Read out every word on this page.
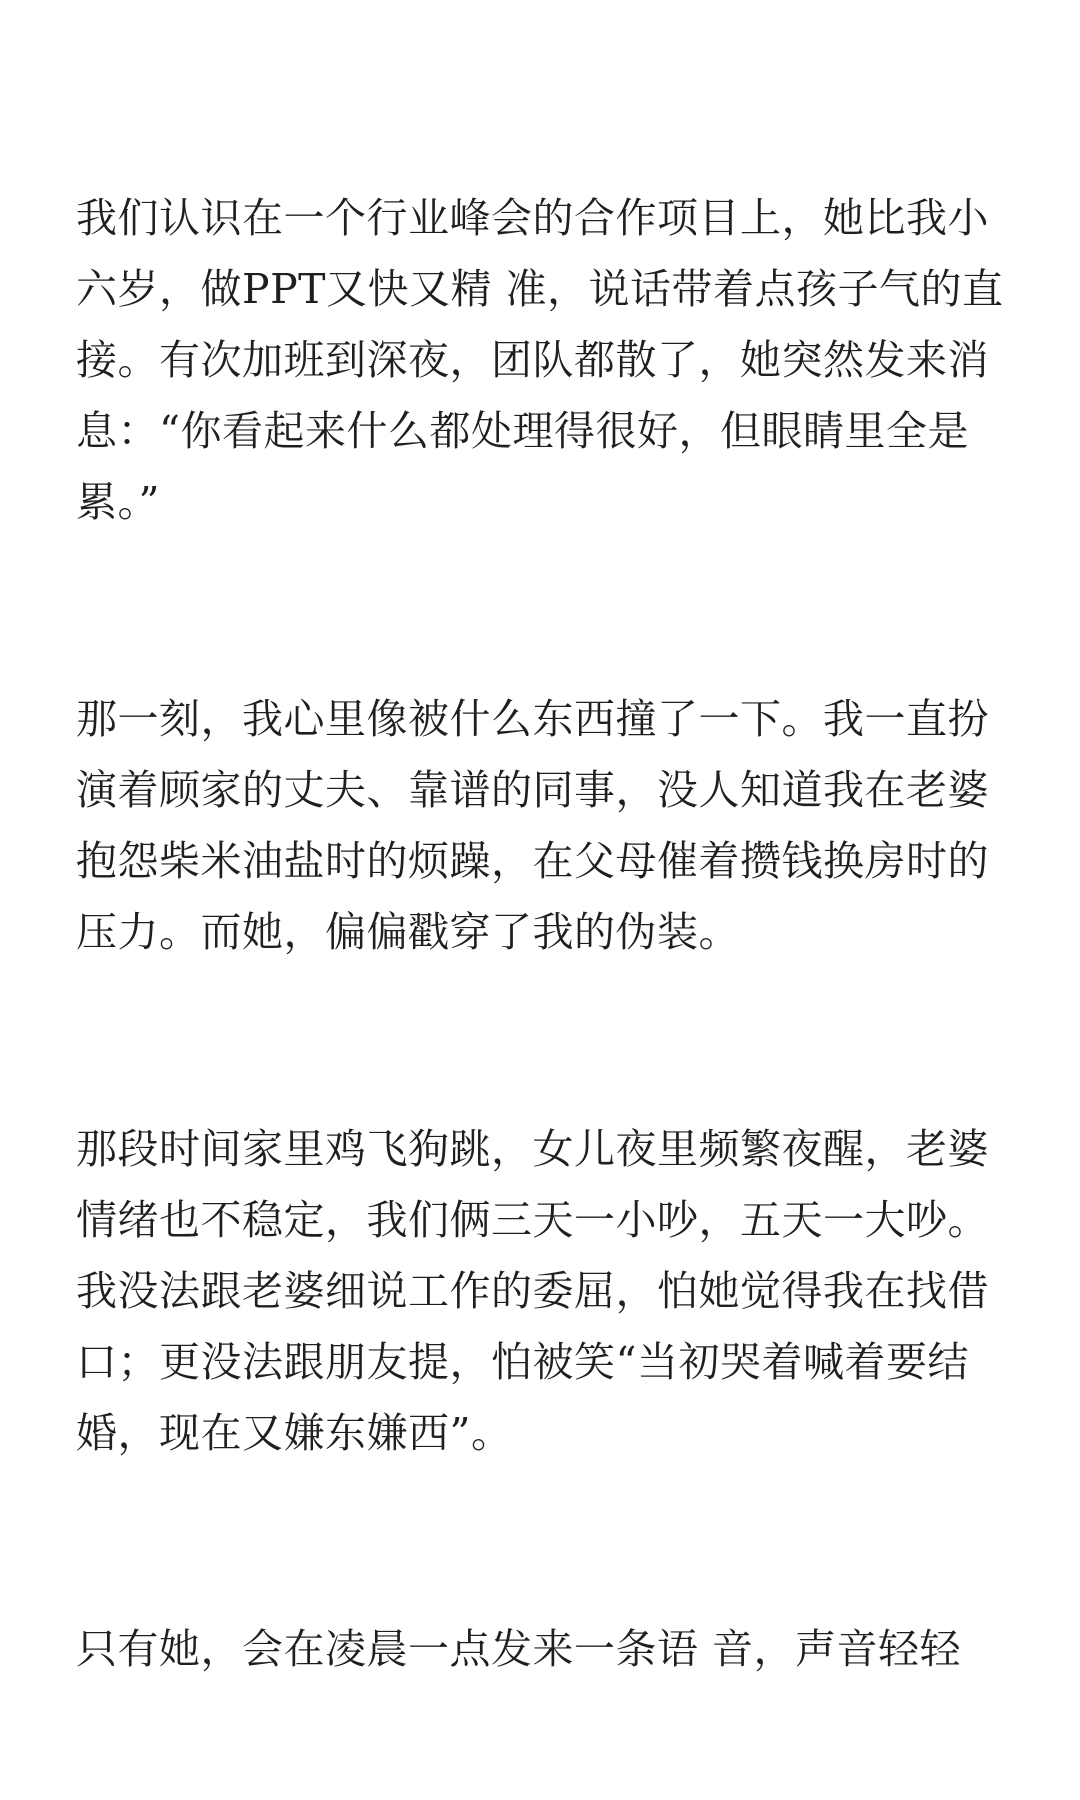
我们认识在一个行业峰会的合作项目上，她比我小
六岁，做PPT又快又精 准，说话带着点孩子气的直
接。有次加班到深夜，团队都散了，她突然发来消
息：“你看起来什么都处理得很好，但眼睛里全是
累。”

那一刻，我心里像被什么东西撞了一下。我一直扮
演着顾家的丈夫、靠谱的同事，没人知道我在老婆
抱怨柴米油盐时的烦躁，在父母催着攒钱换房时的
压力。而她，偏偏戳穿了我的伪装。

那段时间家里鸡飞狗跳，女儿夜里频繁夜醒，老婆
情绪也不稳定，我们俩三天一小吵，五天一大吵。
我没法跟老婆细说工作的委屈，怕她觉得我在找借
口；更没法跟朋友提，怕被笑“当初哭着喊着要结
婚，现在又嫌东嫌西”。

只有她，会在凌晨一点发来一条语 音，声音轻轻
